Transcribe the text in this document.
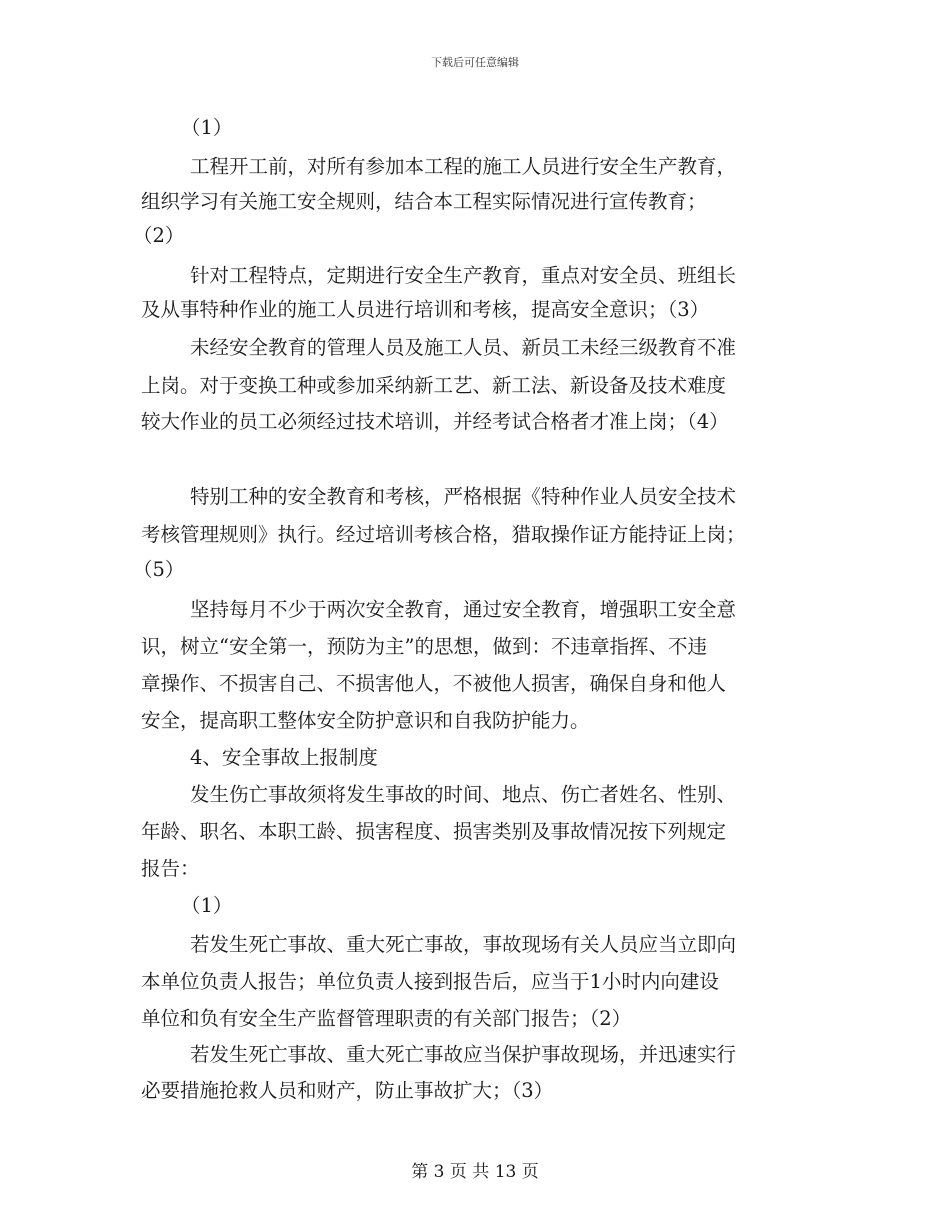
下载后可任意编辑
（1）
工程开工前，对所有参加本工程的施工人员进行安全生产教育，
组织学习有关施工安全规则，结合本工程实际情况进行宣传教育；
（2）
针对工程特点，定期进行安全生产教育，重点对安全员、班组长
及从事特种作业的施工人员进行培训和考核，提高安全意识；（3）
未经安全教育的管理人员及施工人员、新员工未经三级教育不准
上岗。对于变换工种或参加采纳新工艺、新工法、新设备及技术难度
较大作业的员工必须经过技术培训，并经考试合格者才准上岗；（4）
特别工种的安全教育和考核，严格根据《特种作业人员安全技术
考核管理规则》执行。经过培训考核合格，猎取操作证方能持证上岗；
（5）
坚持每月不少于两次安全教育，通过安全教育，增强职工安全意
识，树立“安全第一，预防为主”的思想，做到：不违章指挥、不违
章操作、不损害自己、不损害他人，不被他人损害，确保自身和他人
安全，提高职工整体安全防护意识和自我防护能力。
4、安全事故上报制度
发生伤亡事故须将发生事故的时间、地点、伤亡者姓名、性别、
年龄、职名、本职工龄、损害程度、损害类别及事故情况按下列规定
报告：
（1）
若发生死亡事故、重大死亡事故，事故现场有关人员应当立即向
本单位负责人报告；单位负责人接到报告后，应当于1小时内向建设
单位和负有安全生产监督管理职责的有关部门报告；（2）
若发生死亡事故、重大死亡事故应当保护事故现场，并迅速实行
必要措施抢救人员和财产，防止事故扩大；（3）
第 3 页 共 13 页
